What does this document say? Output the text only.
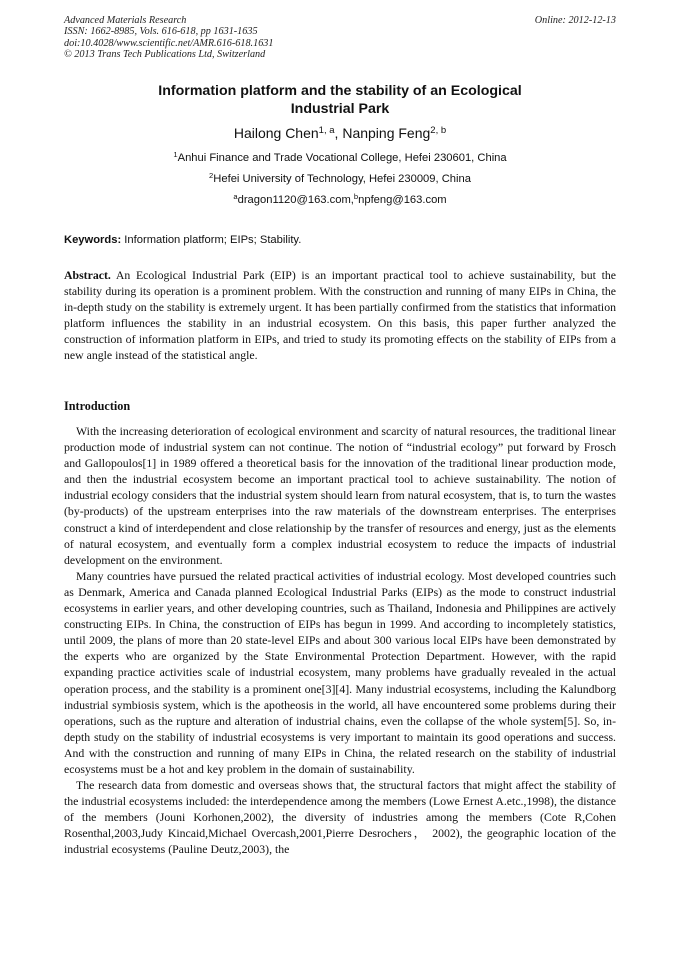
Advanced Materials Research
ISSN: 1662-8985, Vols. 616-618, pp 1631-1635
doi:10.4028/www.scientific.net/AMR.616-618.1631
© 2013 Trans Tech Publications Ltd, Switzerland
Online: 2012-12-13
Information platform and the stability of an Ecological
Industrial Park
Hailong Chen$^{1, a}$, Nanping Feng$^{2, b}$
$^1$Anhui Finance and Trade Vocational College, Hefei 230601, China
$^2$Hefei University of Technology, Hefei 230009, China
$^a$dragon1120@163.com,$^b$npfeng@163.com
Keywords: Information platform; EIPs; Stability.
Abstract. An Ecological Industrial Park (EIP) is an important practical tool to achieve sustainability, but the stability during its operation is a prominent problem. With the construction and running of many EIPs in China, the in-depth study on the stability is extremely urgent. It has been partially confirmed from the statistics that information platform influences the stability in an industrial ecosystem. On this basis, this paper further analyzed the construction of information platform in EIPs, and tried to study its promoting effects on the stability of EIPs from a new angle instead of the statistical angle.
Introduction

With the increasing deterioration of ecological environment and scarcity of natural resources, the traditional linear production mode of industrial system can not continue. The notion of “industrial ecology” put forward by Frosch and Gallopoulos[1] in 1989 offered a theoretical basis for the innovation of the traditional linear production mode, and then the industrial ecosystem become an important practical tool to achieve sustainability. The notion of industrial ecology considers that the industrial system should learn from natural ecosystem, that is, to turn the wastes (by-products) of the upstream enterprises into the raw materials of the downstream enterprises. The enterprises construct a kind of interdependent and close relationship by the transfer of resources and energy, just as the elements of natural ecosystem, and eventually form a complex industrial ecosystem to reduce the impacts of industrial development on the environment.

Many countries have pursued the related practical activities of industrial ecology. Most developed countries such as Denmark, America and Canada planned Ecological Industrial Parks (EIPs) as the mode to construct industrial ecosystems in earlier years, and other developing countries, such as Thailand, Indonesia and Philippines are actively constructing EIPs. In China, the construction of EIPs has begun in 1999. And according to incompletely statistics, until 2009, the plans of more than 20 state-level EIPs and about 300 various local EIPs have been demonstrated by the experts who are organized by the State Environmental Protection Department. However, with the rapid expanding practice activities scale of industrial ecosystem, many problems have gradually revealed in the actual operation process, and the stability is a prominent one[3][4]. Many industrial ecosystems, including the Kalundborg industrial symbiosis system, which is the apotheosis in the world, all have encountered some problems during their operations, such as the rupture and alteration of industrial chains, even the collapse of the whole system[5]. So, in-depth study on the stability of industrial ecosystems is very important to maintain its good operations and success. And with the construction and running of many EIPs in China, the related research on the stability of industrial ecosystems must be a hot and key problem in the domain of sustainability.

The research data from domestic and overseas shows that, the structural factors that might affect the stability of the industrial ecosystems included: the interdependence among the members (Lowe Ernest A.etc.,1998), the distance of the members (Jouni Korhonen,2002), the diversity of industries among the members (Cote R,Cohen Rosenthal,2003,Judy Kincaid,Michael Overcash,2001,Pierre Desrochers， 2002), the geographic location of the industrial ecosystems (Pauline Deutz,2003), the
